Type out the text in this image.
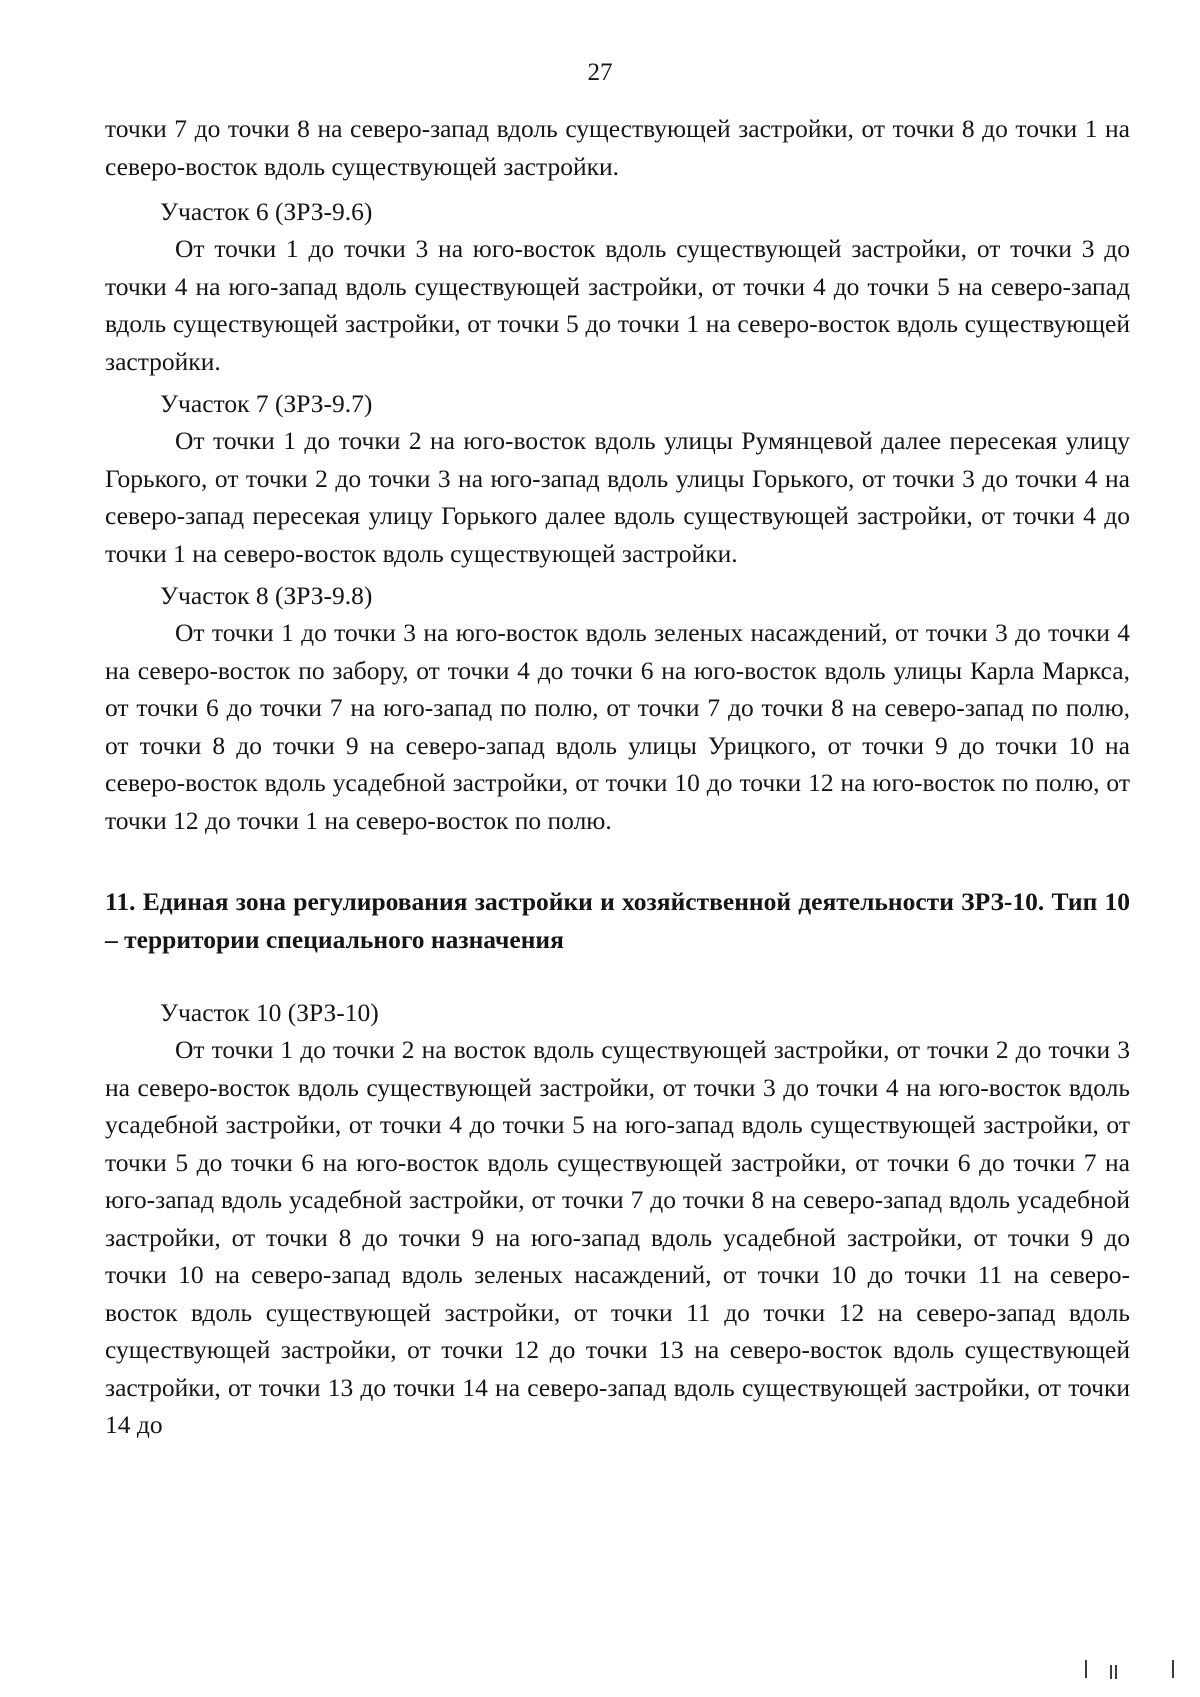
27

точки 7 до точки 8 на северо-запад вдоль существующей застройки, от точки 8 до точки 1 на северо-восток вдоль существующей застройки.

Участок 6 (ЗРЗ-9.6)

От точки 1 до точки 3 на юго-восток вдоль существующей застройки, от точки 3 до точки 4 на юго-запад вдоль существующей застройки, от точки 4 до точки 5 на северо-запад вдоль существующей застройки, от точки 5 до точки 1 на северо-восток вдоль существующей застройки.

Участок 7 (ЗРЗ-9.7)

От точки 1 до точки 2 на юго-восток вдоль улицы Румянцевой далее пересекая улицу Горького, от точки 2 до точки 3 на юго-запад вдоль улицы Горького, от точки 3 до точки 4 на северо-запад пересекая улицу Горького далее вдоль существующей застройки, от точки 4 до точки 1 на северо-восток вдоль существующей застройки.

Участок 8 (ЗРЗ-9.8)

От точки 1 до точки 3 на юго-восток вдоль зеленых насаждений, от точки 3 до точки 4 на северо-восток по забору, от точки 4 до точки 6 на юго-восток вдоль улицы Карла Маркса, от точки 6 до точки 7 на юго-запад по полю, от точки 7 до точки 8 на северо-запад по полю, от точки 8 до точки 9 на северо-запад вдоль улицы Урицкого, от точки 9 до точки 10 на северо-восток вдоль усадебной застройки, от точки 10 до точки 12 на юго-восток по полю, от точки 12 до точки 1 на северо-восток по полю.

11. Единая зона регулирования застройки и хозяйственной деятельности ЗРЗ-10. Тип 10 – территории специального назначения

Участок 10 (ЗРЗ-10)

От точки 1 до точки 2 на восток вдоль существующей застройки, от точки 2 до точки 3 на северо-восток вдоль существующей застройки, от точки 3 до точки 4 на юго-восток вдоль усадебной застройки, от точки 4 до точки 5 на юго-запад вдоль существующей застройки, от точки 5 до точки 6 на юго-восток вдоль существующей застройки, от точки 6 до точки 7 на юго-запад вдоль усадебной застройки, от точки 7 до точки 8 на северо-запад вдоль усадебной застройки, от точки 8 до точки 9 на юго-запад вдоль усадебной застройки, от точки 9 до точки 10 на северо-запад вдоль зеленых насаждений, от точки 10 до точки 11 на северо-восток вдоль существующей застройки, от точки 11 до точки 12 на северо-запад вдоль существующей застройки, от точки 12 до точки 13 на северо-восток вдоль существующей застройки, от точки 13 до точки 14 на северо-запад вдоль существующей застройки, от точки 14 до
